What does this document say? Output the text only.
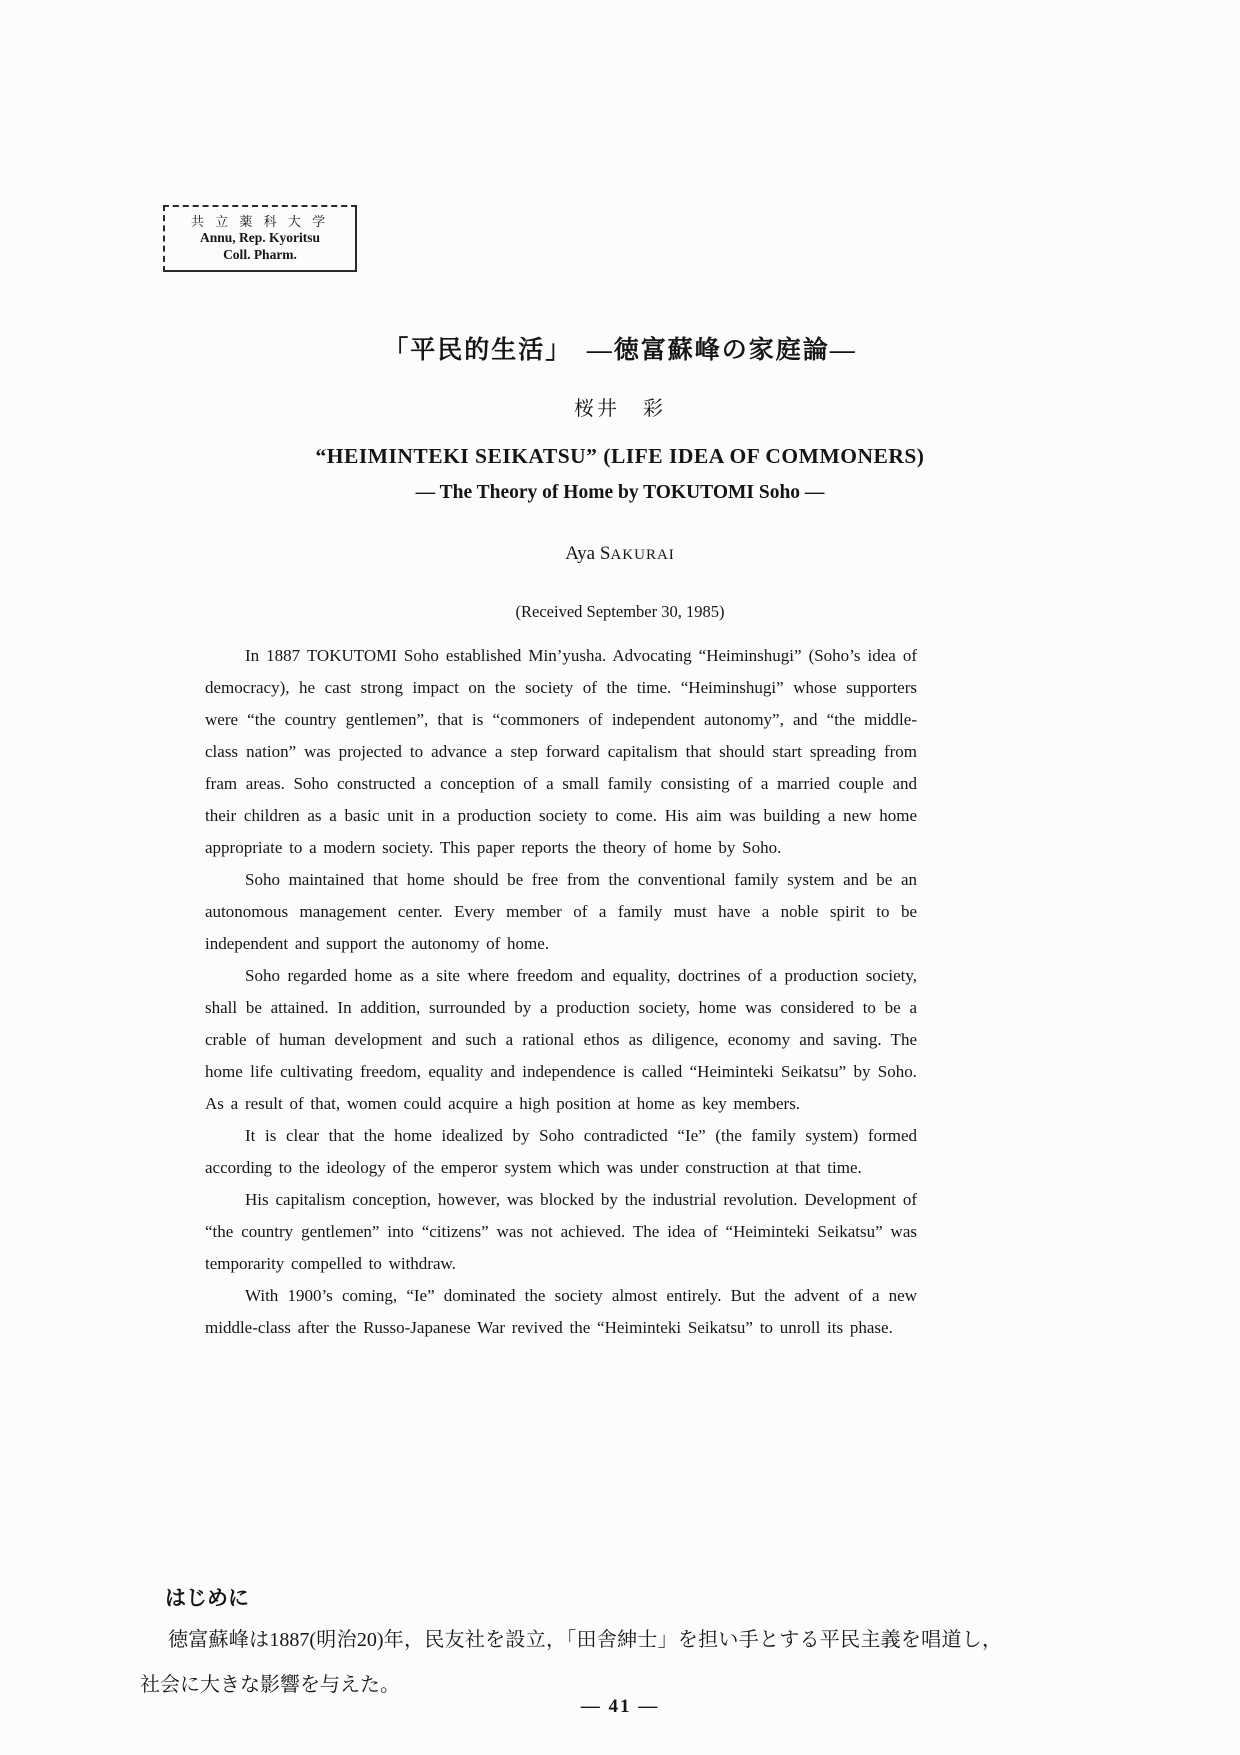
共 立 薬 科 大 学
Annu, Rep. Kyoritsu
Coll. Pharm.
「平民的生活」　—徳富蘇峰の家庭論—
桜井　彩
“HEIMINTEKI SEIKATSU” (LIFE IDEA OF COMMONERS)
— The Theory of Home by TOKUTOMI Soho —
Aya SAKURAI
(Received September 30, 1985)

In 1887 TOKUTOMI Soho established Min’yusha. Advocating “Heiminshugi” (Soho’s idea of democracy), he cast strong impact on the society of the time. “Heiminshugi” whose supporters were “the country gentlemen”, that is “commoners of independent autonomy”, and “the middle-class nation” was projected to advance a step forward capitalism that should start spreading from fram areas. Soho constructed a conception of a small family consisting of a married couple and their children as a basic unit in a production society to come. His aim was building a new home appropriate to a modern society. This paper reports the theory of home by Soho.

Soho maintained that home should be free from the conventional family system and be an autonomous management center. Every member of a family must have a noble spirit to be independent and support the autonomy of home.

Soho regarded home as a site where freedom and equality, doctrines of a production society, shall be attained. In addition, surrounded by a production society, home was considered to be a crable of human development and such a rational ethos as diligence, economy and saving. The home life cultivating freedom, equality and independence is called “Heiminteki Seikatsu” by Soho. As a result of that, women could acquire a high position at home as key members.

It is clear that the home idealized by Soho contradicted “Ie” (the family system) formed according to the ideology of the emperor system which was under construction at that time.

His capitalism conception, however, was blocked by the industrial revolution. Development of “the country gentlemen” into “citizens” was not achieved. The idea of “Heiminteki Seikatsu” was temporarity compelled to withdraw.

With 1900’s coming, “Ie” dominated the society almost entirely. But the advent of a new middle-class after the Russo-Japanese War revived the “Heiminteki Seikatsu” to unroll its phase.

はじめに

徳富蘇峰は1887(明治20)年，民友社を設立，「田舎紳士」を担い手とする平民主義を唱道し，社会に大きな影響を与えた。

— 41 —
